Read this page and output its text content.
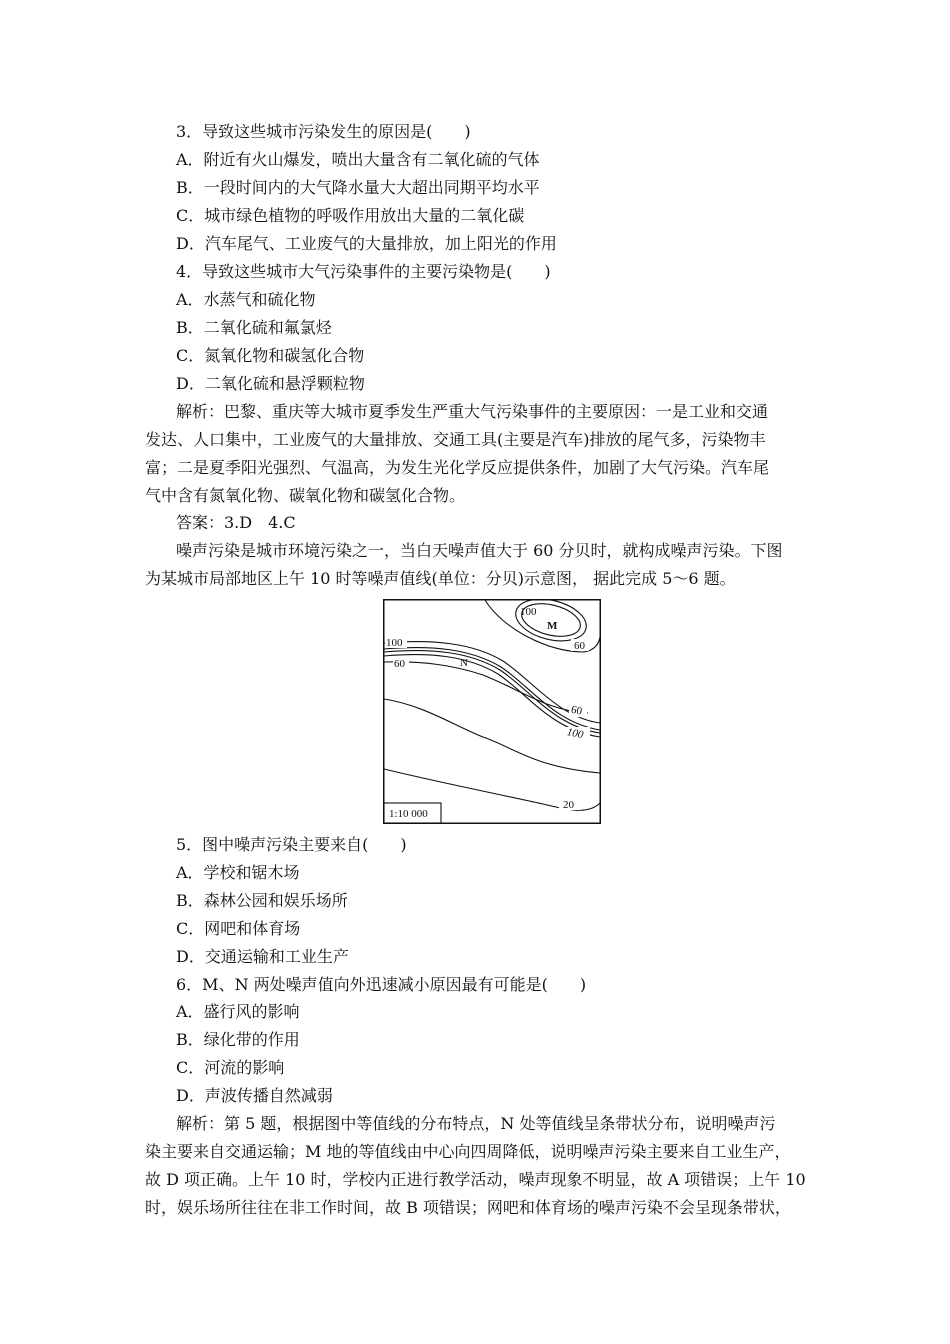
3．导致这些城市污染发生的原因是(　　)
A．附近有火山爆发，喷出大量含有二氧化硫的气体
B．一段时间内的大气降水量大大超出同期平均水平
C．城市绿色植物的呼吸作用放出大量的二氧化碳
D．汽车尾气、工业废气的大量排放，加上阳光的作用
4．导致这些城市大气污染事件的主要污染物是(　　)
A．水蒸气和硫化物
B．二氧化硫和氟氯烃
C．氮氧化物和碳氢化合物
D．二氧化硫和悬浮颗粒物
解析：巴黎、重庆等大城市夏季发生严重大气污染事件的主要原因：一是工业和交通
发达、人口集中，工业废气的大量排放、交通工具(主要是汽车)排放的尾气多，污染物丰
富；二是夏季阳光强烈、气温高，为发生光化学反应提供条件，加剧了大气污染。汽车尾
气中含有氮氧化物、碳氧化物和碳氢化合物。
答案：3.D　4.C
噪声污染是城市环境污染之一，当白天噪声值大于 60 分贝时，就构成噪声污染。下图
为某城市局部地区上午 10 时等噪声值线(单位：分贝)示意图， 据此完成 5～6 题。
100
M
60
100
60	N
60
100
20
1:10 000
5．图中噪声污染主要来自(　　)
A．学校和锯木场
B．森林公园和娱乐场所
C．网吧和体育场
D．交通运输和工业生产
6．M、N 两处噪声值向外迅速减小原因最有可能是(　　)
A．盛行风的影响
B．绿化带的作用
C．河流的影响
D．声波传播自然减弱
解析：第 5 题，根据图中等值线的分布特点，N 处等值线呈条带状分布，说明噪声污
染主要来自交通运输；M 地的等值线由中心向四周降低，说明噪声污染主要来自工业生产，
故 D 项正确。上午 10 时，学校内正进行教学活动，噪声现象不明显，故 A 项错误；上午 10
时，娱乐场所往往在非工作时间，故 B 项错误；网吧和体育场的噪声污染不会呈现条带状，
